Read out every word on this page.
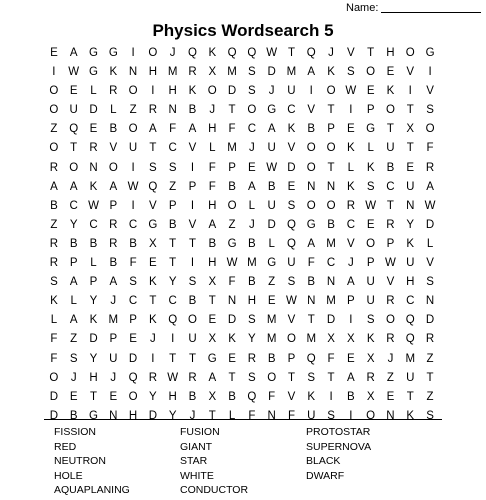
Name:
Physics Wordsearch 5
E	A G G	I	O	J	Q K Q Q W T	Q	J	V	T	H O G
I	W G K	N H M R	X M S	D M A	K	S O E	V	I
O E	L	R O	I	H	K O D	S	J	U	I	O W E	K	I	V
O U D	L	Z	R N	B	J	T	O G C	V	T	I	P O	T	S
Z	Q E	B O A	F	A	H	F	C	A	K	B	P	E G	T	X O
O	T	R	V	U	T	C	V	L	M	J	U	V O O K	L	U	T	F
R O N O	I	S	S	I	F	P	E W D O	T	L	K	B	E	R
A	A	K	A W Q	Z	P	F	B	A	B	E	N N	K	S	C U	A
B	C W P	I	V	P	I	H O	L	U	S O O R W T	N W
Z	Y	C R C G B	V	A	Z	J	D Q G B	C	E	R	Y	D
R	B	B	R	B	X	T	T	B G B	L	Q A M V O P	K	L
R	P	L	B	F	E	T	I	H W M G U	F	C	J	P W U	V
S	A	P	A	S	K	Y	S	X	F	B	Z	S	B	N	A	U	V	H	S
K	L	Y	J	C	T	C	B	T	N H	E W N M P	U R C N
L	A	K M P	K Q O E	D	S M V	T	D	I	S O Q D
F	Z	D	P	E	J	I	U	X	K	Y M O M X	X	K	R Q R
F	S	Y	U D	I	T	T	G E	R	B	P Q	F	E	X	J	M Z
O	J	H	J	Q R W R	A	T	S O	T	S	T	A	R	Z	U	T
D	E	T	E O Y	H	B	X	B Q	F	V	K	I	B	X	E	T	Z
D	B G N H D	Y	J	T	L	F	N	F	U	S	I	O N	K	S
FISSION	FUSION	PROTOSTAR
RED	GIANT	SUPERNOVA
NEUTRON	STAR	BLACK
HOLE	WHITE	DWARF
AQUAPLANING	CONDUCTOR
